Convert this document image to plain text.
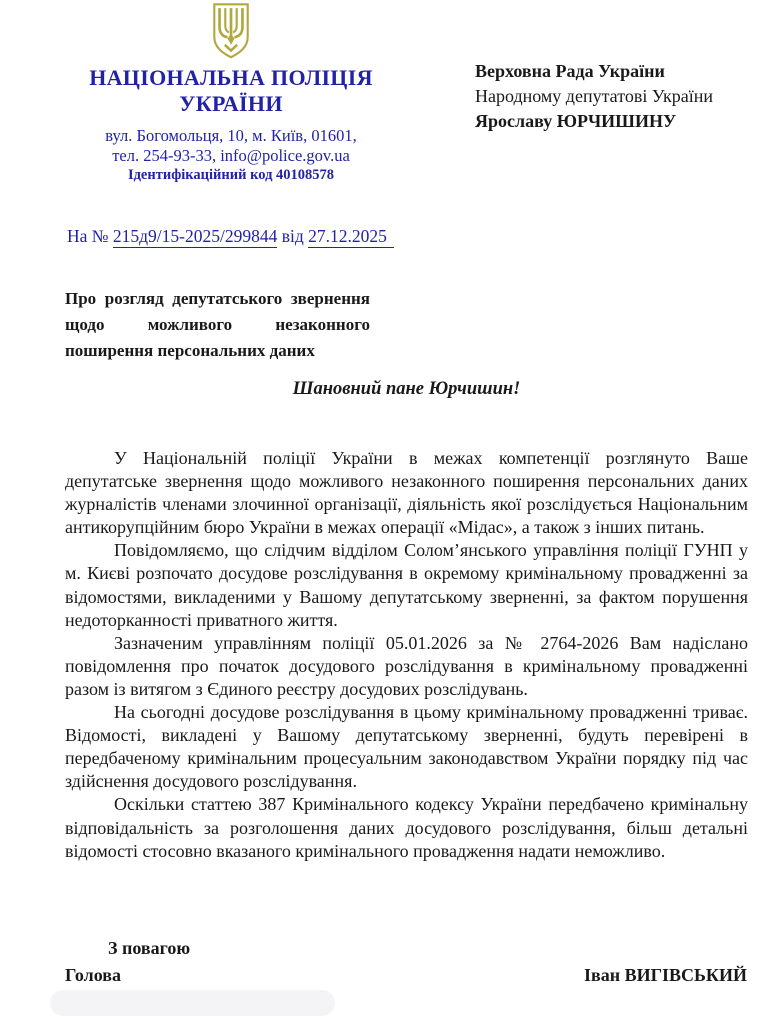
НАЦІОНАЛЬНА ПОЛІЦІЯ
УКРАЇНИ
вул. Богомольця, 10, м. Київ, 01601,
тел. 254-93-33, info@police.gov.ua
Ідентифікаційний код 40108578
Верховна Рада України
Народному депутатові України
Ярославу ЮРЧИШИНУ
На № 215д9/15-2025/299844 від 27.12.2025
Про розгляд депутатського звернення щодо можливого незаконного поширення персональних даних
Шановний пане Юрчишин!

У Національній поліції України в межах компетенції розглянуто Ваше депутатське звернення щодо можливого незаконного поширення персональних даних журналістів членами злочинної організації, діяльність якої розслідується Національним антикорупційним бюро України в межах операції «Мідас», а також з інших питань.

Повідомляємо, що слідчим відділом Солом’янського управління поліції ГУНП у м. Києві розпочато досудове розслідування в окремому кримінальному провадженні за відомостями, викладеними у Вашому депутатському зверненні, за фактом порушення недоторканності приватного життя.

Зазначеним управлінням поліції 05.01.2026 за № 2764-2026 Вам надіслано повідомлення про початок досудового розслідування в кримінальному провадженні разом із витягом з Єдиного реєстру досудових розслідувань.

На сьогодні досудове розслідування в цьому кримінальному провадженні триває. Відомості, викладені у Вашому депутатському зверненні, будуть перевірені в передбаченому кримінальним процесуальним законодавством України порядку під час здійснення досудового розслідування.

Оскільки статтею 387 Кримінального кодексу України передбачено кримінальну відповідальність за розголошення даних досудового розслідування, більш детальні відомості стосовно вказаного кримінального провадження надати неможливо.

З повагою
Голова	Іван ВИГІВСЬКИЙ
